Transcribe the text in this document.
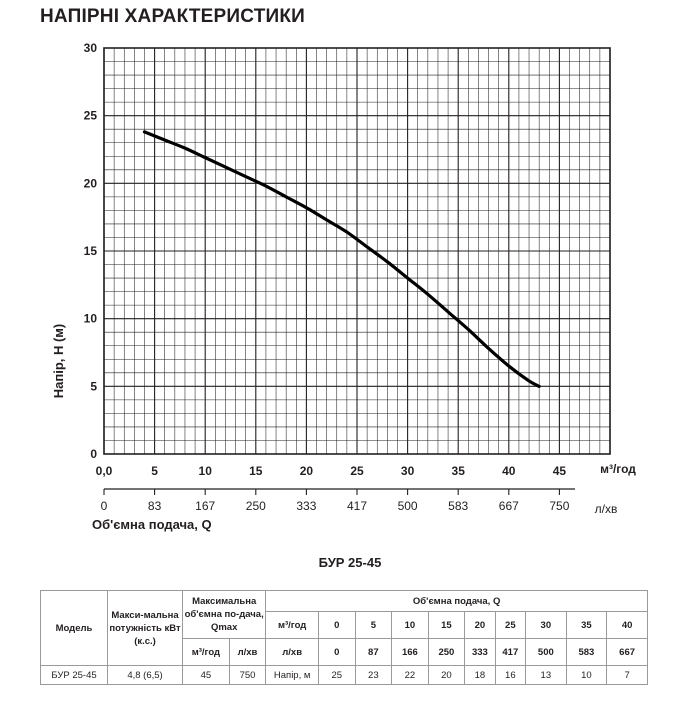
НАПІРНІ ХАРАКТЕРИСТИКИ
0
5
10
15
20
25
30
0,0	5	10	15	20	25	30	35	40	45	м³/год
0	83	167	250	333	417	500	583	667	750 л/хв
Об'ємна подача, Q
Напір, H (м)
БУР 25-45
Модель	Макси-мальна потужність кВт (к.с.)	Максимальна об'ємна по-дача, Qmax		Об'ємна подача, Q									
				м³/год	0	5	10	15	20	25	30	35	40
		м³/год	л/хв	л/хв	0	87	166	250	333	417	500	583	667
БУР 25-45	4,8 (6,5)	45	750	Напір, м	25	23	22	20	18	16	13	10	7
